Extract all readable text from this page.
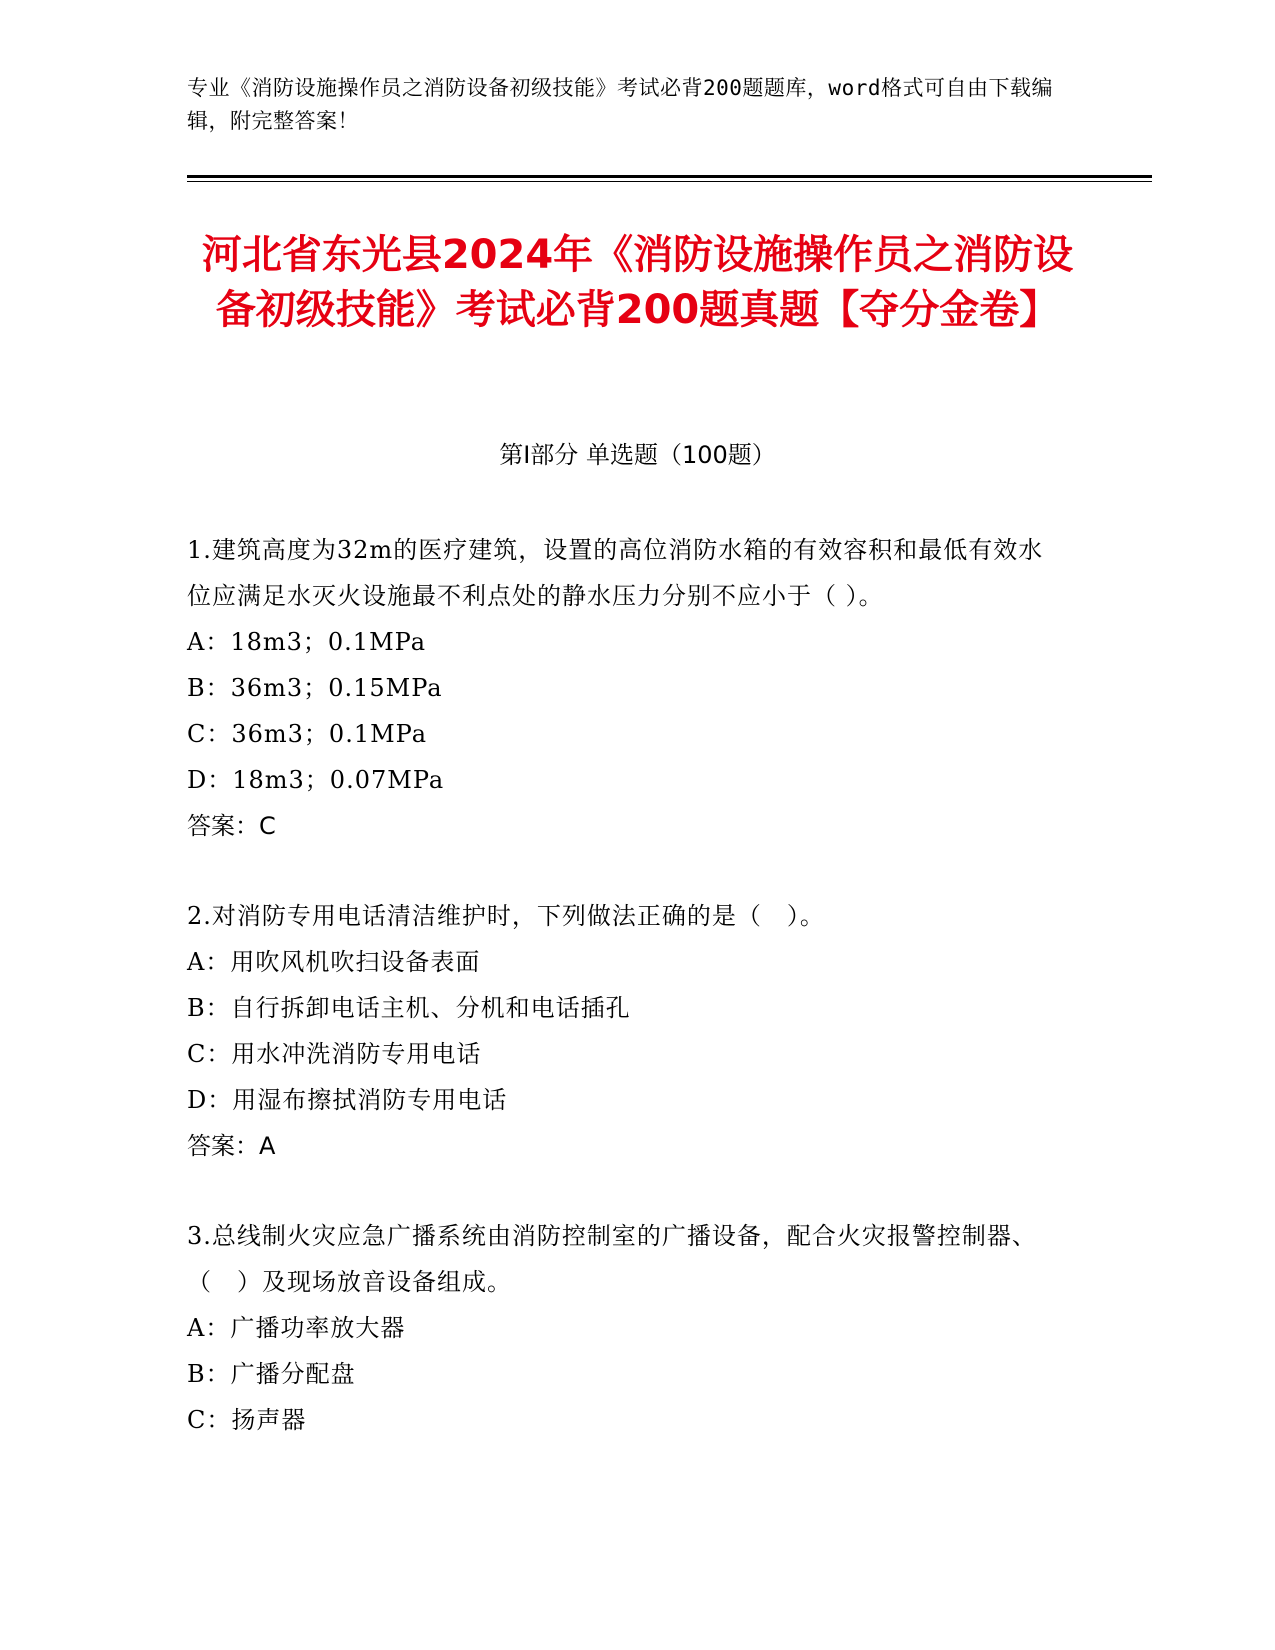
专业《消防设施操作员之消防设备初级技能》考试必背200题题库，word格式可自由下载编辑，附完整答案！
河北省东光县2024年《消防设施操作员之消防设备初级技能》考试必背200题真题【夺分金卷】
第Ⅰ部分 单选题（100题）
1.建筑高度为32m的医疗建筑，设置的高位消防水箱的有效容积和最低有效水位应满足水灭火设施最不利点处的静水压力分别不应小于（ ）。
A：18m3；0.1MPa
B：36m3；0.15MPa
C：36m3；0.1MPa
D：18m3；0.07MPa
答案：C
2.对消防专用电话清洁维护时，下列做法正确的是（　）。
A：用吹风机吹扫设备表面
B：自行拆卸电话主机、分机和电话插孔
C：用水冲洗消防专用电话
D：用湿布擦拭消防专用电话
答案：A
3.总线制火灾应急广播系统由消防控制室的广播设备，配合火灾报警控制器、（　）及现场放音设备组成。
A：广播功率放大器
B：广播分配盘
C：扬声器
